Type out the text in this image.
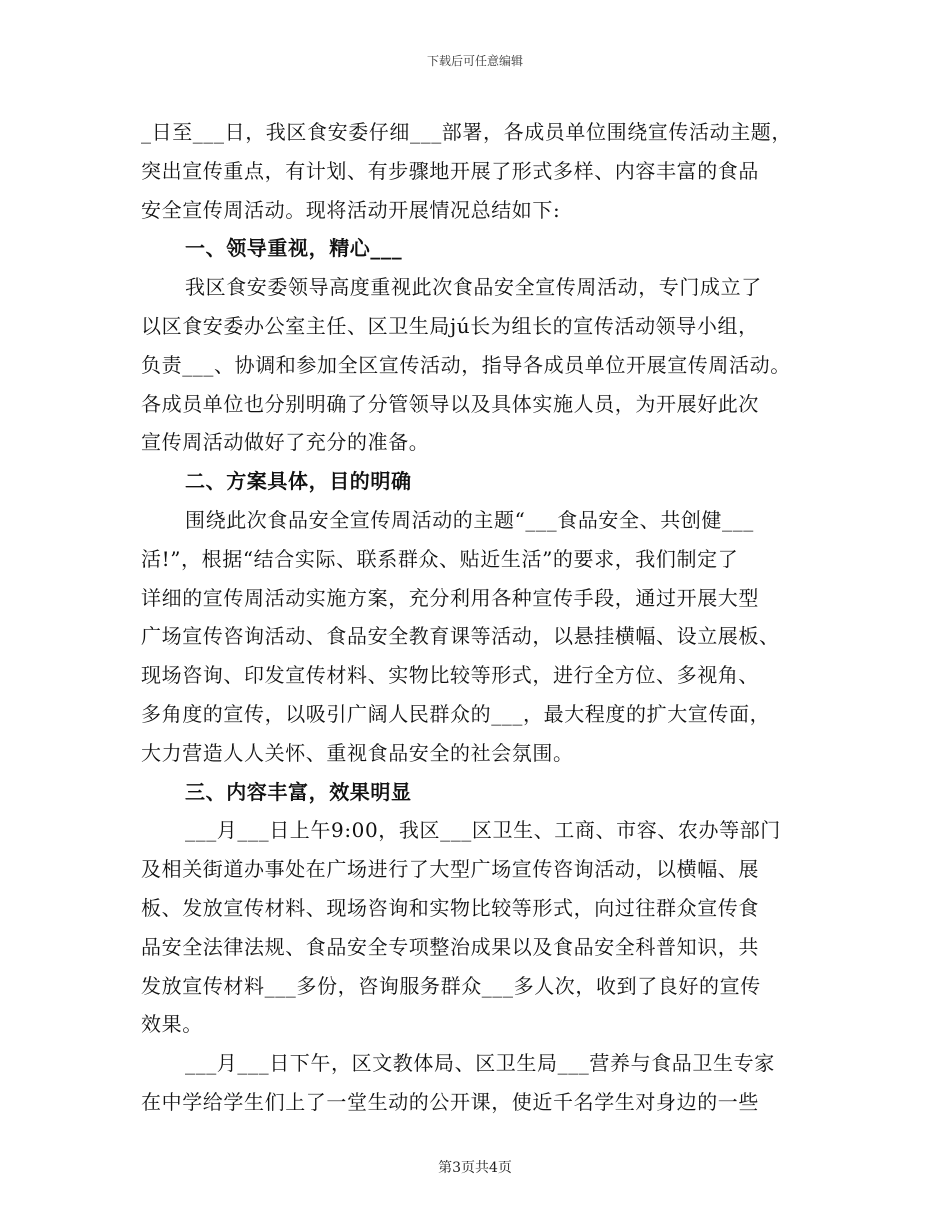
下载后可任意编辑
_日至___日，我区食安委仔细___部署，各成员单位围绕宣传活动主题，
突出宣传重点，有计划、有步骤地开展了形式多样、内容丰富的食品
安全宣传周活动。现将活动开展情况总结如下:
一、领导重视，精心___
我区食安委领导高度重视此次食品安全宣传周活动，专门成立了
以区食安委办公室主任、区卫生局jú长为组长的宣传活动领导小组，
负责___、协调和参加全区宣传活动，指导各成员单位开展宣传周活动。
各成员单位也分别明确了分管领导以及具体实施人员，为开展好此次
宣传周活动做好了充分的准备。
二、方案具体，目的明确
围绕此次食品安全宣传周活动的主题“___食品安全、共创健___
活!”，根据“结合实际、联系群众、贴近生活”的要求，我们制定了
详细的宣传周活动实施方案，充分利用各种宣传手段，通过开展大型
广场宣传咨询活动、食品安全教育课等活动，以悬挂横幅、设立展板、
现场咨询、印发宣传材料、实物比较等形式，进行全方位、多视角、
多角度的宣传，以吸引广阔人民群众的___，最大程度的扩大宣传面，
大力营造人人关怀、重视食品安全的社会氛围。
三、内容丰富，效果明显
___月___日上午9:00，我区___区卫生、工商、市容、农办等部门
及相关街道办事处在广场进行了大型广场宣传咨询活动，以横幅、展
板、发放宣传材料、现场咨询和实物比较等形式，向过往群众宣传食
品安全法律法规、食品安全专项整治成果以及食品安全科普知识，共
发放宣传材料___多份，咨询服务群众___多人次，收到了良好的宣传
效果。
___月___日下午，区文教体局、区卫生局___营养与食品卫生专家
在中学给学生们上了一堂生动的公开课，使近千名学生对身边的一些
第3页共4页
